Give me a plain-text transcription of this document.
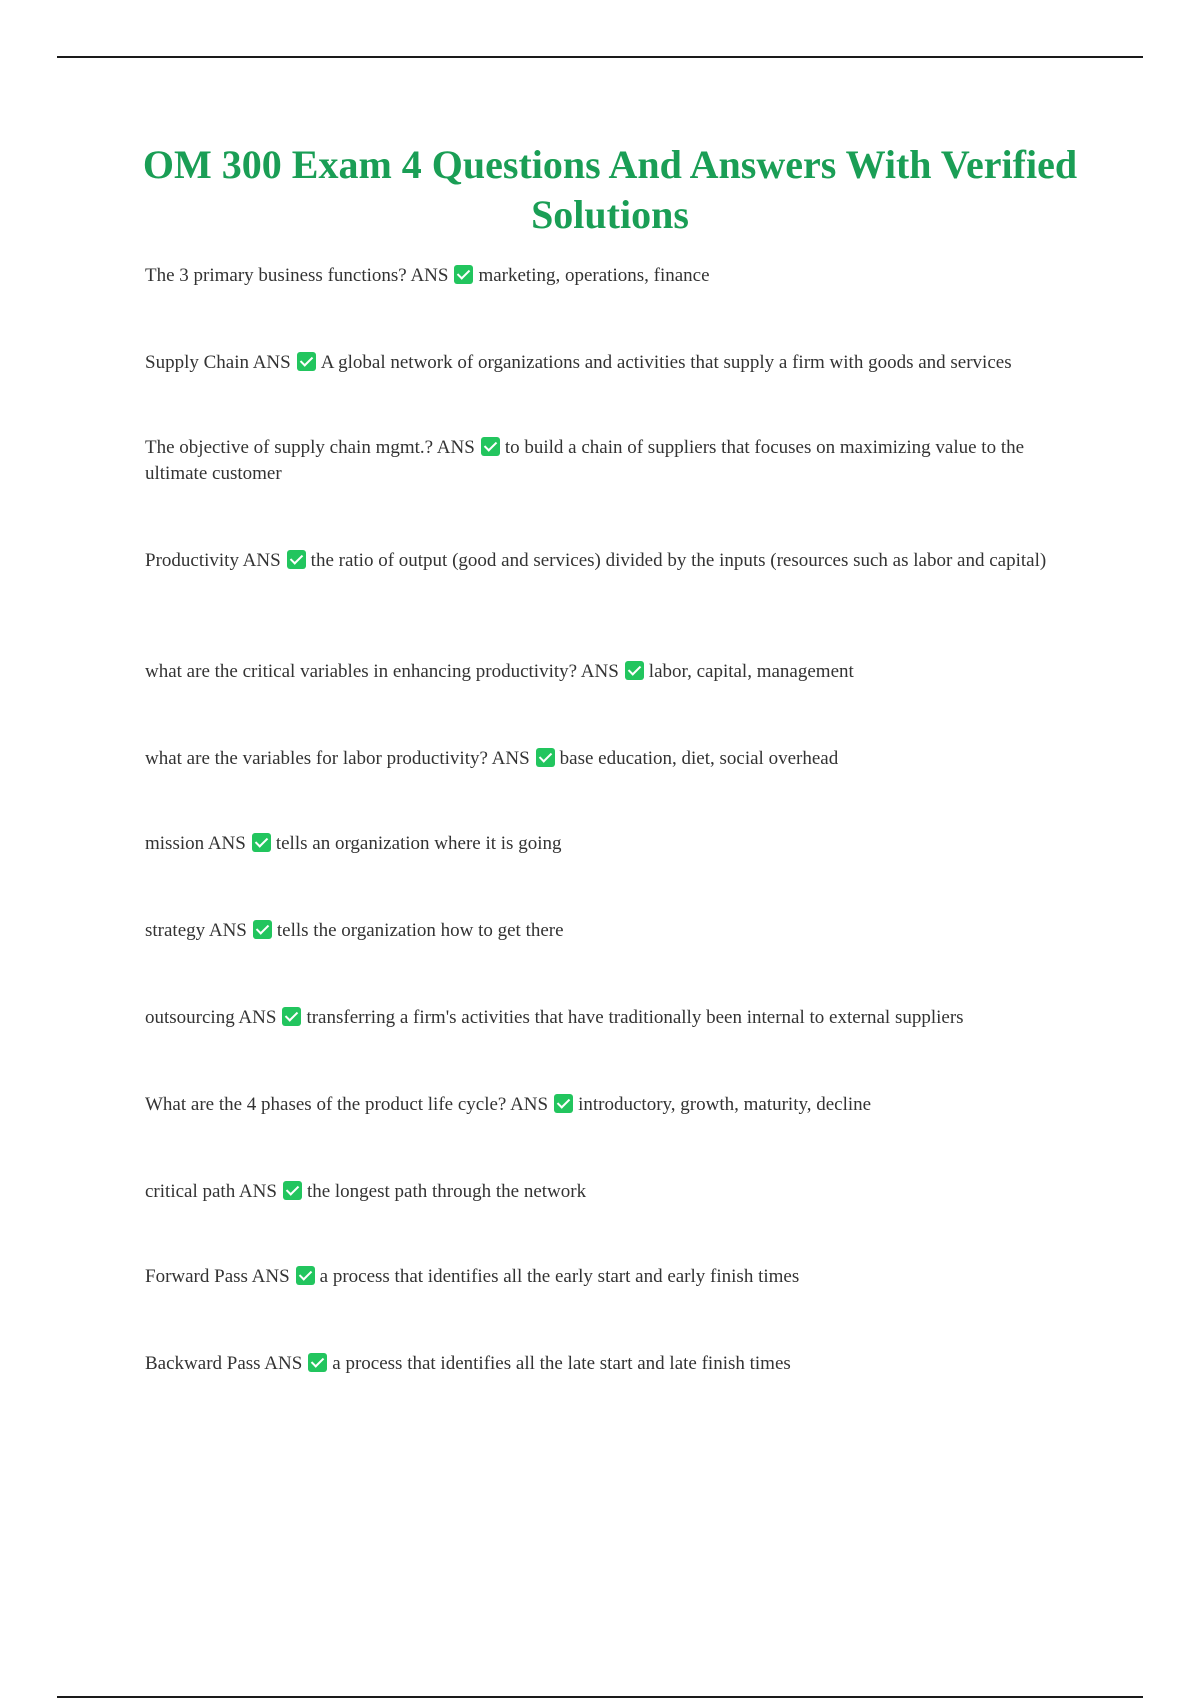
OM 300 Exam 4 Questions And Answers With Verified Solutions

The 3 primary business functions? ANS marketing, operations, finance

Supply Chain ANS A global network of organizations and activities that supply a firm with goods and services

The objective of supply chain mgmt.? ANS to build a chain of suppliers that focuses on maximizing value to the ultimate customer

Productivity ANS the ratio of output (good and services) divided by the inputs (resources such as labor and capital)

what are the critical variables in enhancing productivity? ANS labor, capital, management

what are the variables for labor productivity? ANS base education, diet, social overhead

mission ANS tells an organization where it is going

strategy ANS tells the organization how to get there

outsourcing ANS transferring a firm's activities that have traditionally been internal to external suppliers

What are the 4 phases of the product life cycle? ANS introductory, growth, maturity, decline

critical path ANS the longest path through the network

Forward Pass ANS a process that identifies all the early start and early finish times

Backward Pass ANS a process that identifies all the late start and late finish times
